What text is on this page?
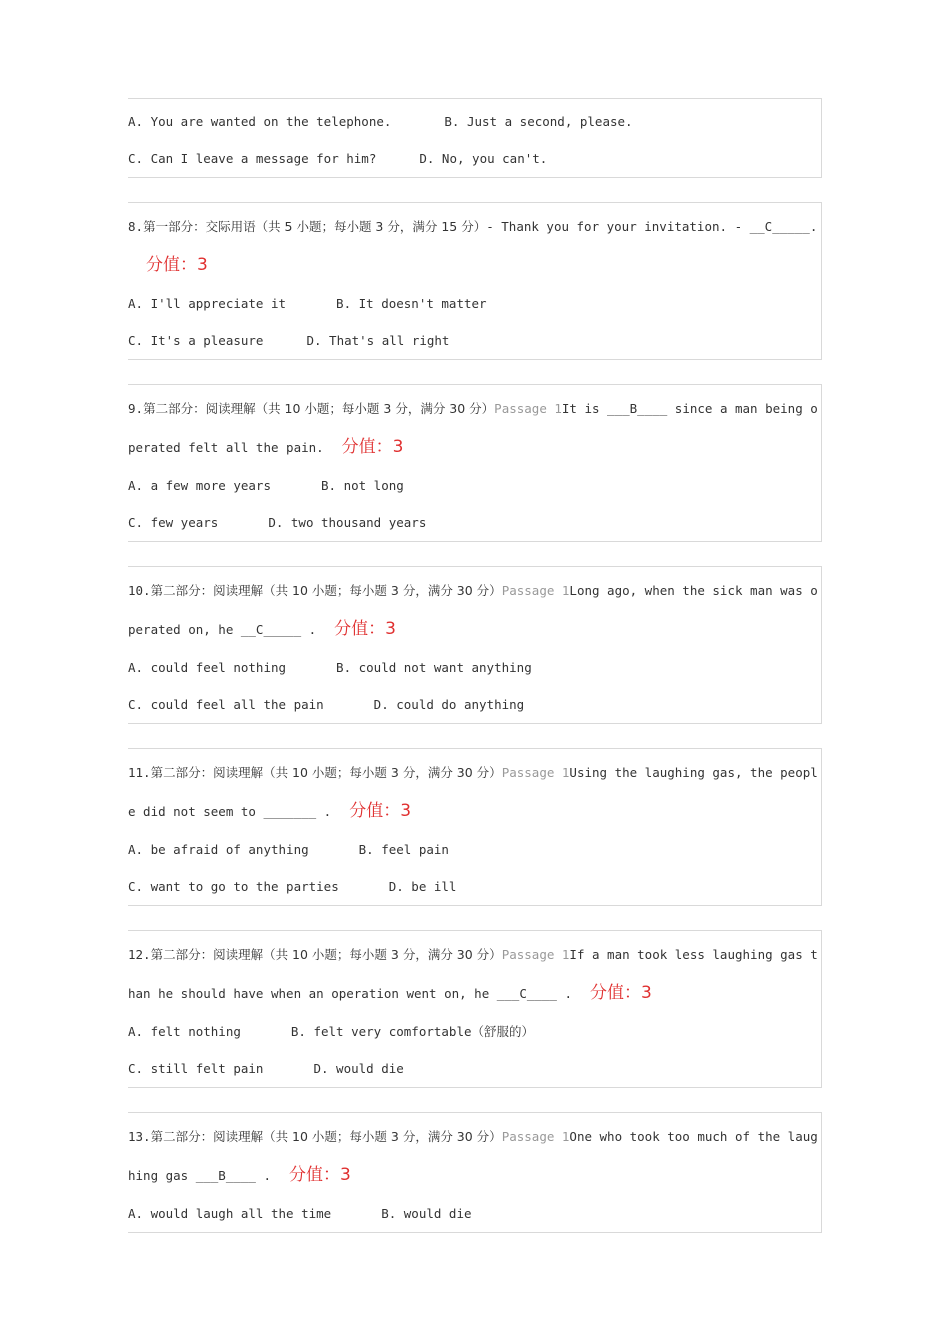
A. You are wanted on the telephone.	B. Just a second, please.
C. Can I leave a message for him?	D. No, you can't.
8.第一部分：交际用语（共 5 小题；每小题 3 分，满分 15 分）- Thank you for your invitation. - __C_____.分值：3
A. I'll appreciate it	B. It doesn't matter
C. It's a pleasure	D. That's all right
9.第二部分：阅读理解（共 10 小题；每小题 3 分，满分 30 分）Passage 1It is ___B____ since a man being operated felt all the pain. 分值：3
A. a few more years	B. not long
C. few years	D. two thousand years
10.第二部分：阅读理解（共 10 小题；每小题 3 分，满分 30 分）Passage 1Long ago, when the sick man was operated on, he __C_____ . 分值：3
A. could feel nothing	B. could not want anything
C. could feel all the pain	D. could do anything
11.第二部分：阅读理解（共 10 小题；每小题 3 分，满分 30 分）Passage 1Using the laughing gas, the people did not seem to _______ . 分值：3
A. be afraid of anything	B. feel pain
C. want to go to the parties	D. be ill
12.第二部分：阅读理解（共 10 小题；每小题 3 分，满分 30 分）Passage 1If a man took less laughing gas than he should have when an operation went on, he ___C____ . 分值：3
A. felt nothing	B. felt very comfortable（舒服的）
C. still felt pain	D. would die
13.第二部分：阅读理解（共 10 小题；每小题 3 分，满分 30 分）Passage 1One who took too much of the laughing gas ___B____ . 分值：3
A. would laugh all the time	B. would die
